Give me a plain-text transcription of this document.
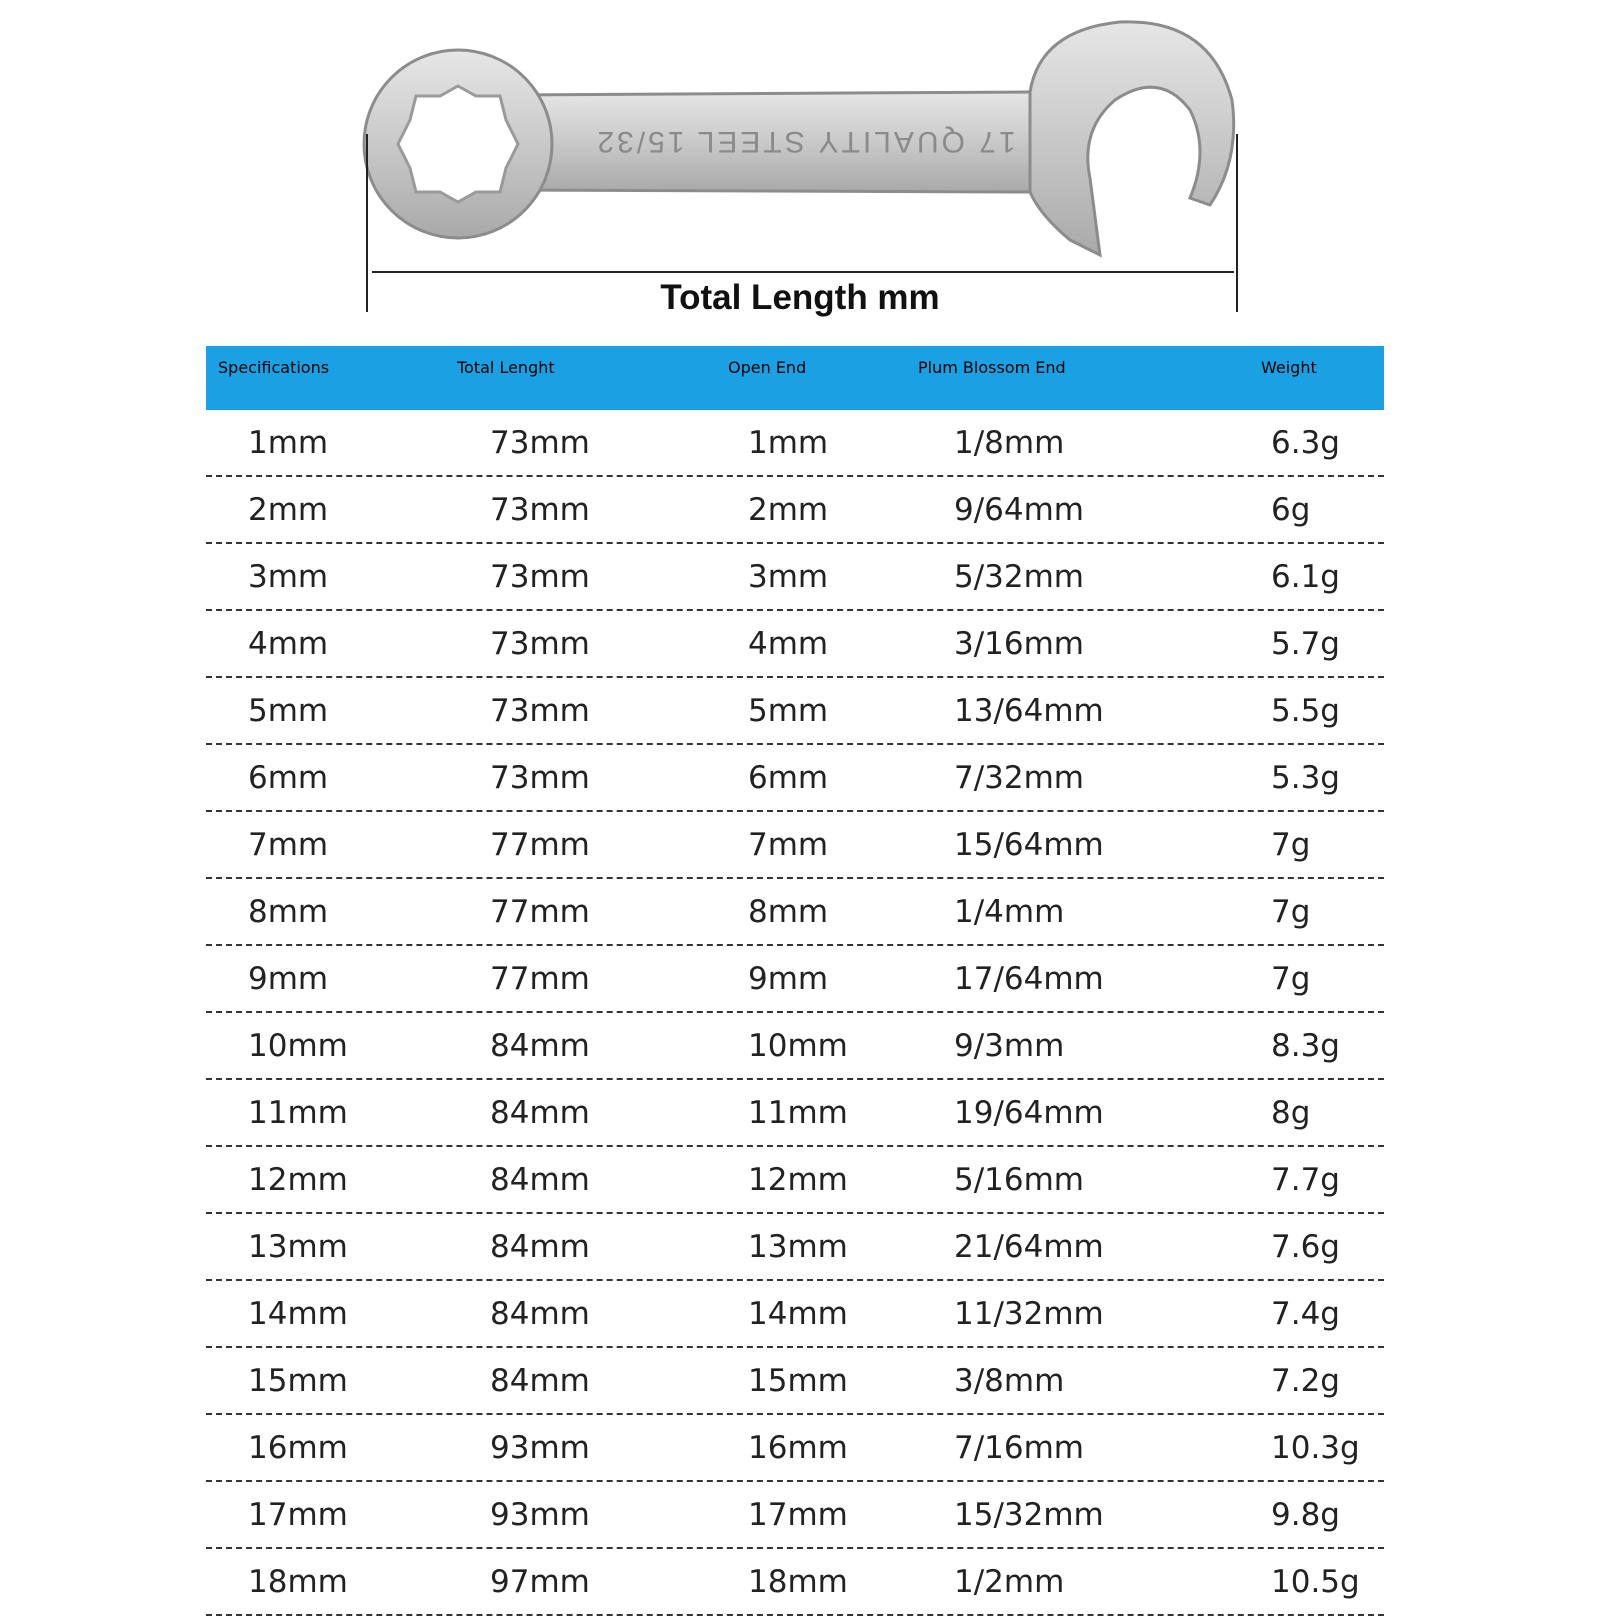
17 QUALITY STEEL 15/32
Total Length mm
1mm	73mm	1mm	1/8mm	6.3g
2mm	73mm	2mm	9/64mm	6g
3mm	73mm	3mm	5/32mm	6.1g
4mm	73mm	4mm	3/16mm	5.7g
5mm	73mm	5mm	13/64mm	5.5g
6mm	73mm	6mm	7/32mm	5.3g
7mm	77mm	7mm	15/64mm	7g
8mm	77mm	8mm	1/4mm	7g
9mm	77mm	9mm	17/64mm	7g
10mm	84mm	10mm	9/3mm	8.3g
11mm	84mm	11mm	19/64mm	8g
12mm	84mm	12mm	5/16mm	7.7g
13mm	84mm	13mm	21/64mm	7.6g
14mm	84mm	14mm	11/32mm	7.4g
15mm	84mm	15mm	3/8mm	7.2g
16mm	93mm	16mm	7/16mm	10.3g
17mm	93mm	17mm	15/32mm	9.8g
18mm	97mm	18mm	1/2mm	10.5g
Specifications	Total Lenght	Open End	Plum Blossom End	Weight
